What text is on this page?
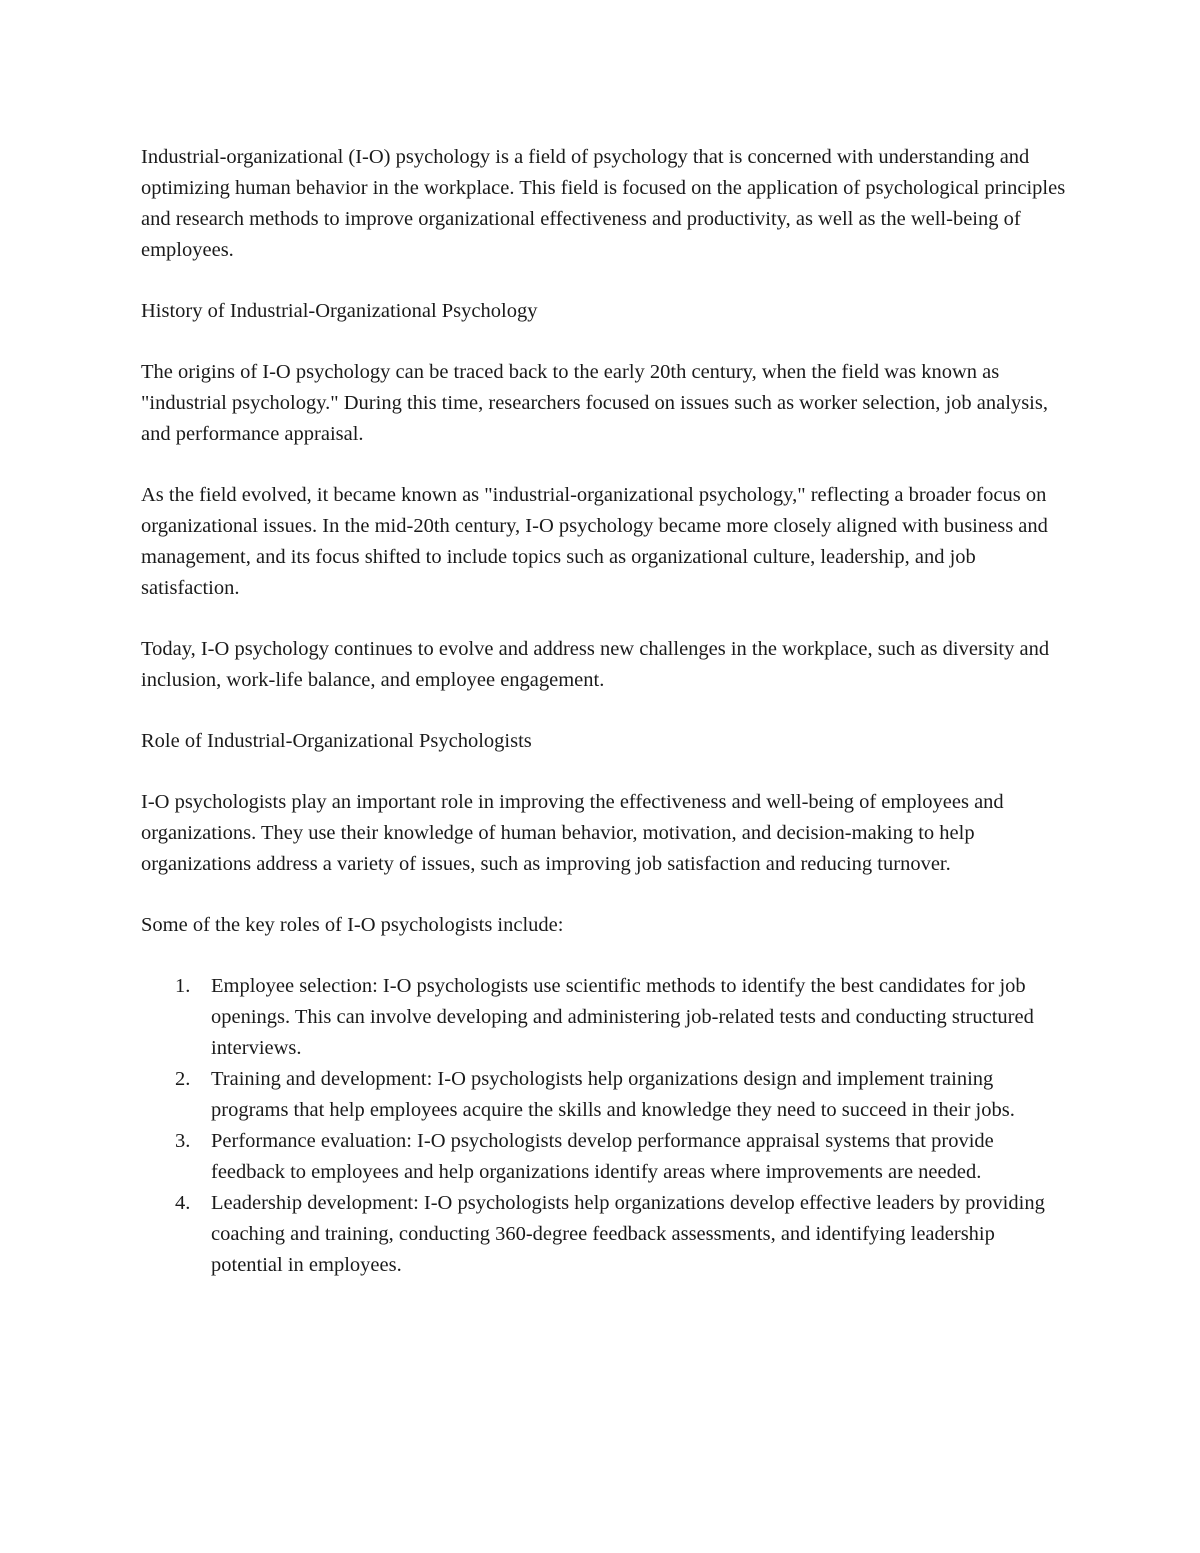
Industrial-organizational (I-O) psychology is a field of psychology that is concerned with understanding and optimizing human behavior in the workplace. This field is focused on the application of psychological principles and research methods to improve organizational effectiveness and productivity, as well as the well-being of employees.

History of Industrial-Organizational Psychology

The origins of I-O psychology can be traced back to the early 20th century, when the field was known as "industrial psychology." During this time, researchers focused on issues such as worker selection, job analysis, and performance appraisal.

As the field evolved, it became known as "industrial-organizational psychology," reflecting a broader focus on organizational issues. In the mid-20th century, I-O psychology became more closely aligned with business and management, and its focus shifted to include topics such as organizational culture, leadership, and job satisfaction.

Today, I-O psychology continues to evolve and address new challenges in the workplace, such as diversity and inclusion, work-life balance, and employee engagement.

Role of Industrial-Organizational Psychologists

I-O psychologists play an important role in improving the effectiveness and well-being of employees and organizations. They use their knowledge of human behavior, motivation, and decision-making to help organizations address a variety of issues, such as improving job satisfaction and reducing turnover.

Some of the key roles of I-O psychologists include:

1. Employee selection: I-O psychologists use scientific methods to identify the best candidates for job openings. This can involve developing and administering job-related tests and conducting structured interviews.
2. Training and development: I-O psychologists help organizations design and implement training programs that help employees acquire the skills and knowledge they need to succeed in their jobs.
3. Performance evaluation: I-O psychologists develop performance appraisal systems that provide feedback to employees and help organizations identify areas where improvements are needed.
4. Leadership development: I-O psychologists help organizations develop effective leaders by providing coaching and training, conducting 360-degree feedback assessments, and identifying leadership potential in employees.
